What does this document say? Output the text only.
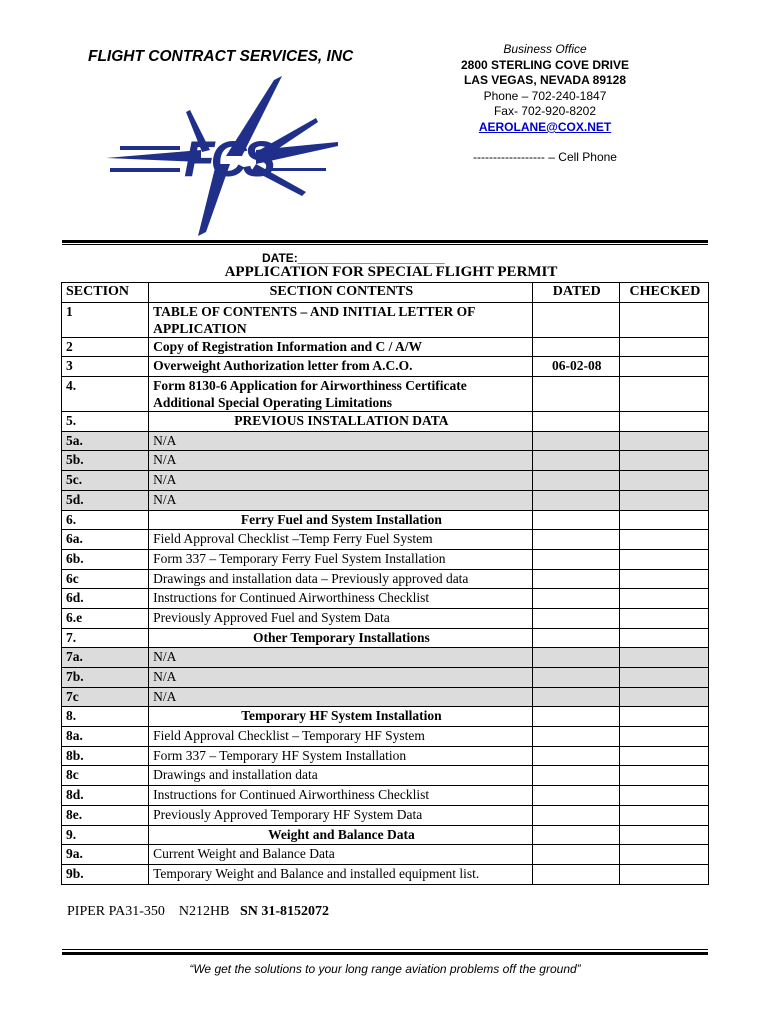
FLIGHT CONTRACT SERVICES, INC	Business Office
2800 STERLING COVE DRIVE
LAS VEGAS, NEVADA 89128
Phone – 702-240-1847
Fax- 702-920-8202
AEROLANE@COX.NET
------------------ – Cell Phone
FCS
DATE:______________________
APPLICATION FOR SPECIAL FLIGHT PERMIT
SECTION	SECTION CONTENTS	DATED	CHECKED
1	TABLE OF CONTENTS – AND INITIAL LETTER OF APPLICATION		
2	Copy of Registration Information and C / A/W		
3	Overweight Authorization letter from A.C.O.	06-02-08	
4.	Form 8130-6 Application for Airworthiness Certificate Additional Special Operating Limitations		
5.	PREVIOUS INSTALLATION DATA		
5a.	N/A		
5b.	N/A		
5c.	N/A		
5d.	N/A		
6.	Ferry Fuel and System Installation		
6a.	Field Approval Checklist –Temp Ferry Fuel System		
6b.	Form 337 – Temporary Ferry Fuel System Installation		
6c	Drawings and installation data – Previously approved data		
6d.	Instructions for Continued Airworthiness Checklist		
6.e	Previously Approved Fuel and System Data		
7.	Other Temporary Installations		
7a.	N/A		
7b.	N/A		
7c	N/A		
8.	Temporary HF System Installation		
8a.	Field Approval Checklist – Temporary HF System		
8b.	Form 337 – Temporary HF System Installation		
8c	Drawings and installation data		
8d.	Instructions for Continued Airworthiness Checklist		
8e.	Previously Approved Temporary HF System Data		
9.	Weight and Balance Data		
9a.	Current Weight and Balance Data		
9b.	Temporary Weight and Balance and installed equipment list.		
PIPER PA31-350 N212HB SN 31-8152072
“We get the solutions to your long range aviation problems off the ground”
